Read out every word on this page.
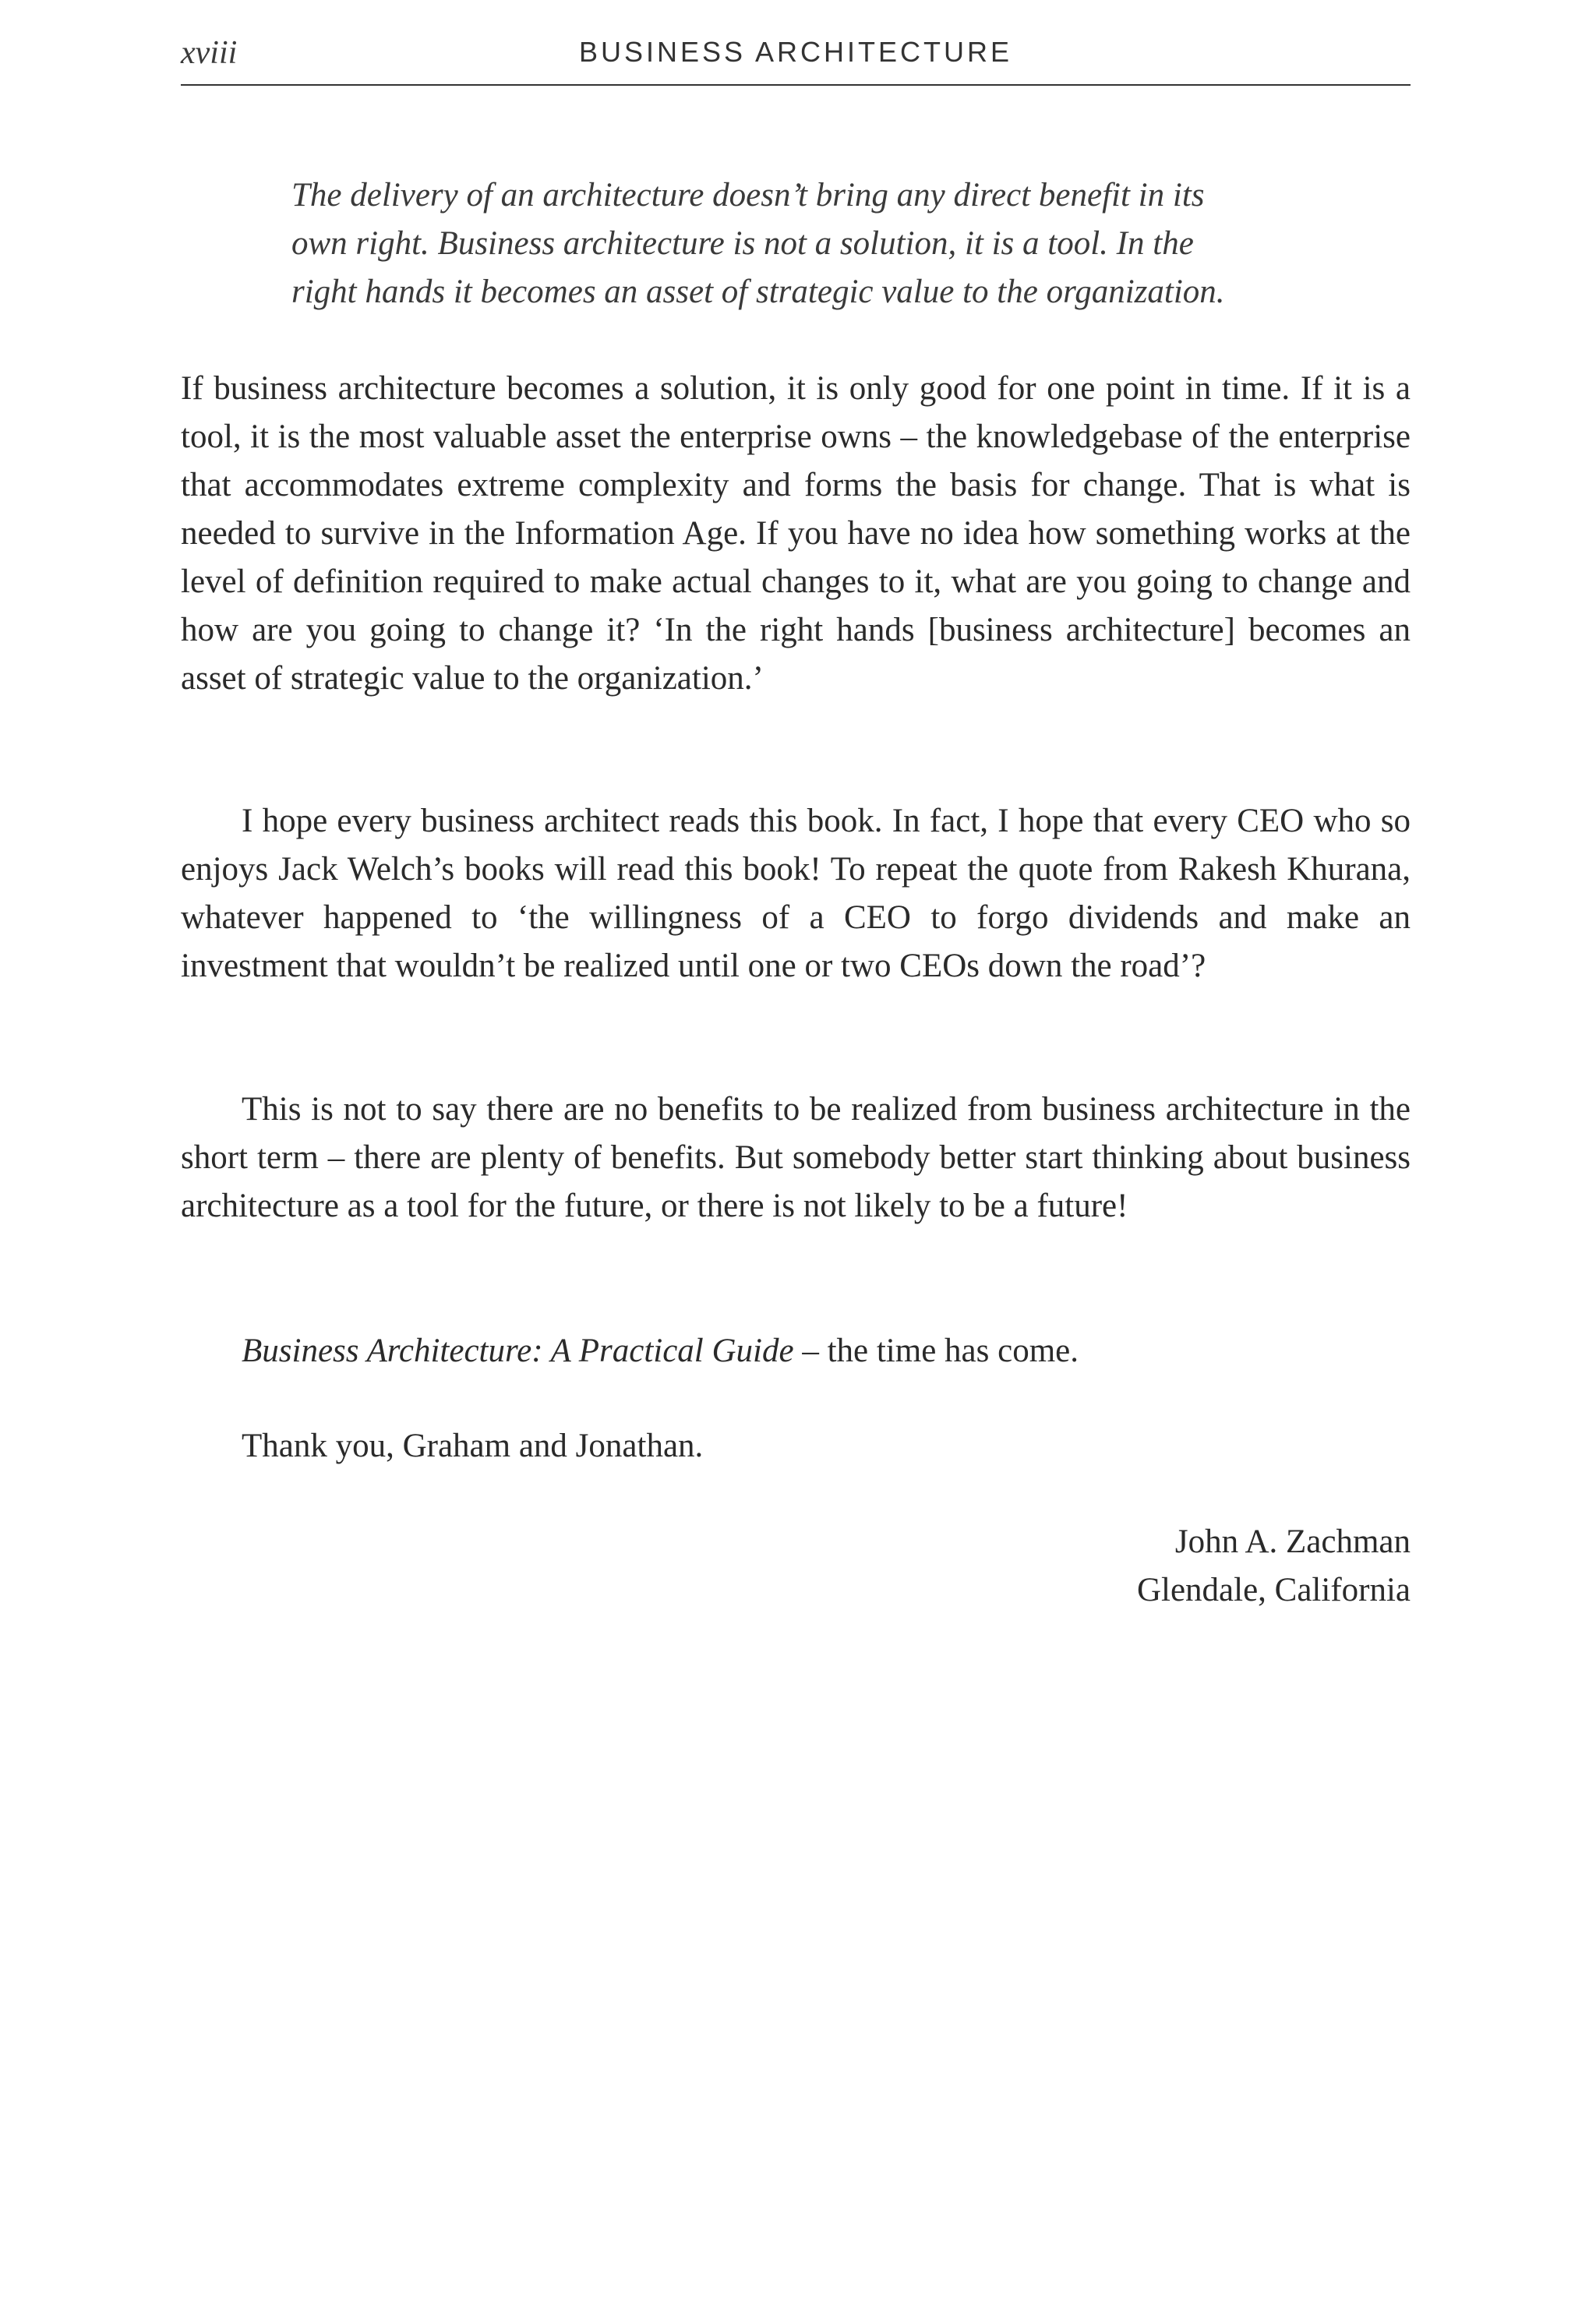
xviii	BUSINESS ARCHITECTURE
The delivery of an architecture doesn’t bring any direct benefit in its
own right. Business architecture is not a solution, it is a tool. In the
right hands it becomes an asset of strategic value to the organization.

If business architecture becomes a solution, it is only good for one point in time. If it is a tool, it is the most valuable asset the enterprise owns – the knowledgebase of the enterprise that accommodates extreme complexity and forms the basis for change. That is what is needed to survive in the Information Age. If you have no idea how something works at the level of definition required to make actual changes to it, what are you going to change and how are you going to change it? ‘In the right hands [business architecture] becomes an asset of strategic value to the organization.’

I hope every business architect reads this book. In fact, I hope that every CEO who so enjoys Jack Welch’s books will read this book! To repeat the quote from Rakesh Khurana, whatever happened to ‘the willingness of a CEO to forgo dividends and make an investment that wouldn’t be realized until one or two CEOs down the road’?

This is not to say there are no benefits to be realized from business architecture in the short term – there are plenty of benefits. But somebody better start thinking about business architecture as a tool for the future, or there is not likely to be a future!

Business Architecture: A Practical Guide – the time has come.
Thank you, Graham and Jonathan.
John A. Zachman
Glendale, California
